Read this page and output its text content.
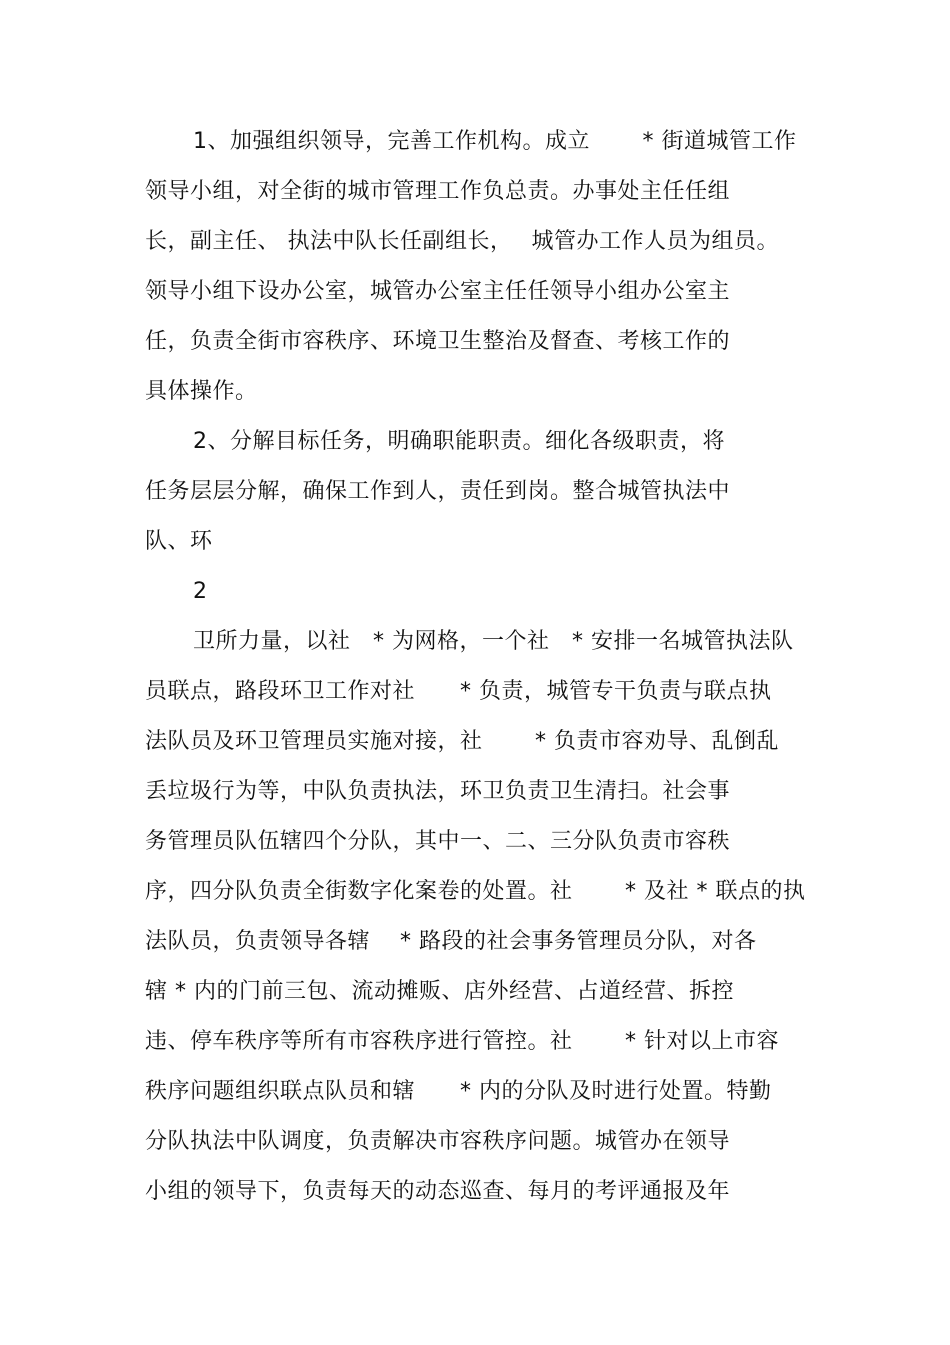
1、加强组织领导，完善工作机构。成立　　 * 街道城管工作
领导小组，对全街的城市管理工作负总责。办事处主任任组
长，副主任、 执法中队长任副组长，　 城管办工作人员为组员。
领导小组下设办公室，城管办公室主任任领导小组办公室主
任，负责全街市容秩序、环境卫生整治及督查、考核工作的
具体操作。
2、分解目标任务，明确职能职责。细化各级职责，将
任务层层分解，确保工作到人，责任到岗。整合城管执法中
队、环
2
卫所力量，以社　* 为网格，一个社　* 安排一名城管执法队
员联点，路段环卫工作对社　　* 负责，城管专干负责与联点执
法队员及环卫管理员实施对接，社　　 * 负责市容劝导、乱倒乱
丢垃圾行为等，中队负责执法，环卫负责卫生清扫。社会事
务管理员队伍辖四个分队，其中一、二、三分队负责市容秩
序，四分队负责全街数字化案卷的处置。社　　 * 及社 * 联点的执
法队员，负责领导各辖　 * 路段的社会事务管理员分队，对各
辖 * 内的门前三包、流动摊贩、店外经营、占道经营、拆控
违、停车秩序等所有市容秩序进行管控。社　　 * 针对以上市容
秩序问题组织联点队员和辖　　* 内的分队及时进行处置。特勤
分队执法中队调度，负责解决市容秩序问题。城管办在领导
小组的领导下，负责每天的动态巡查、每月的考评通报及年
